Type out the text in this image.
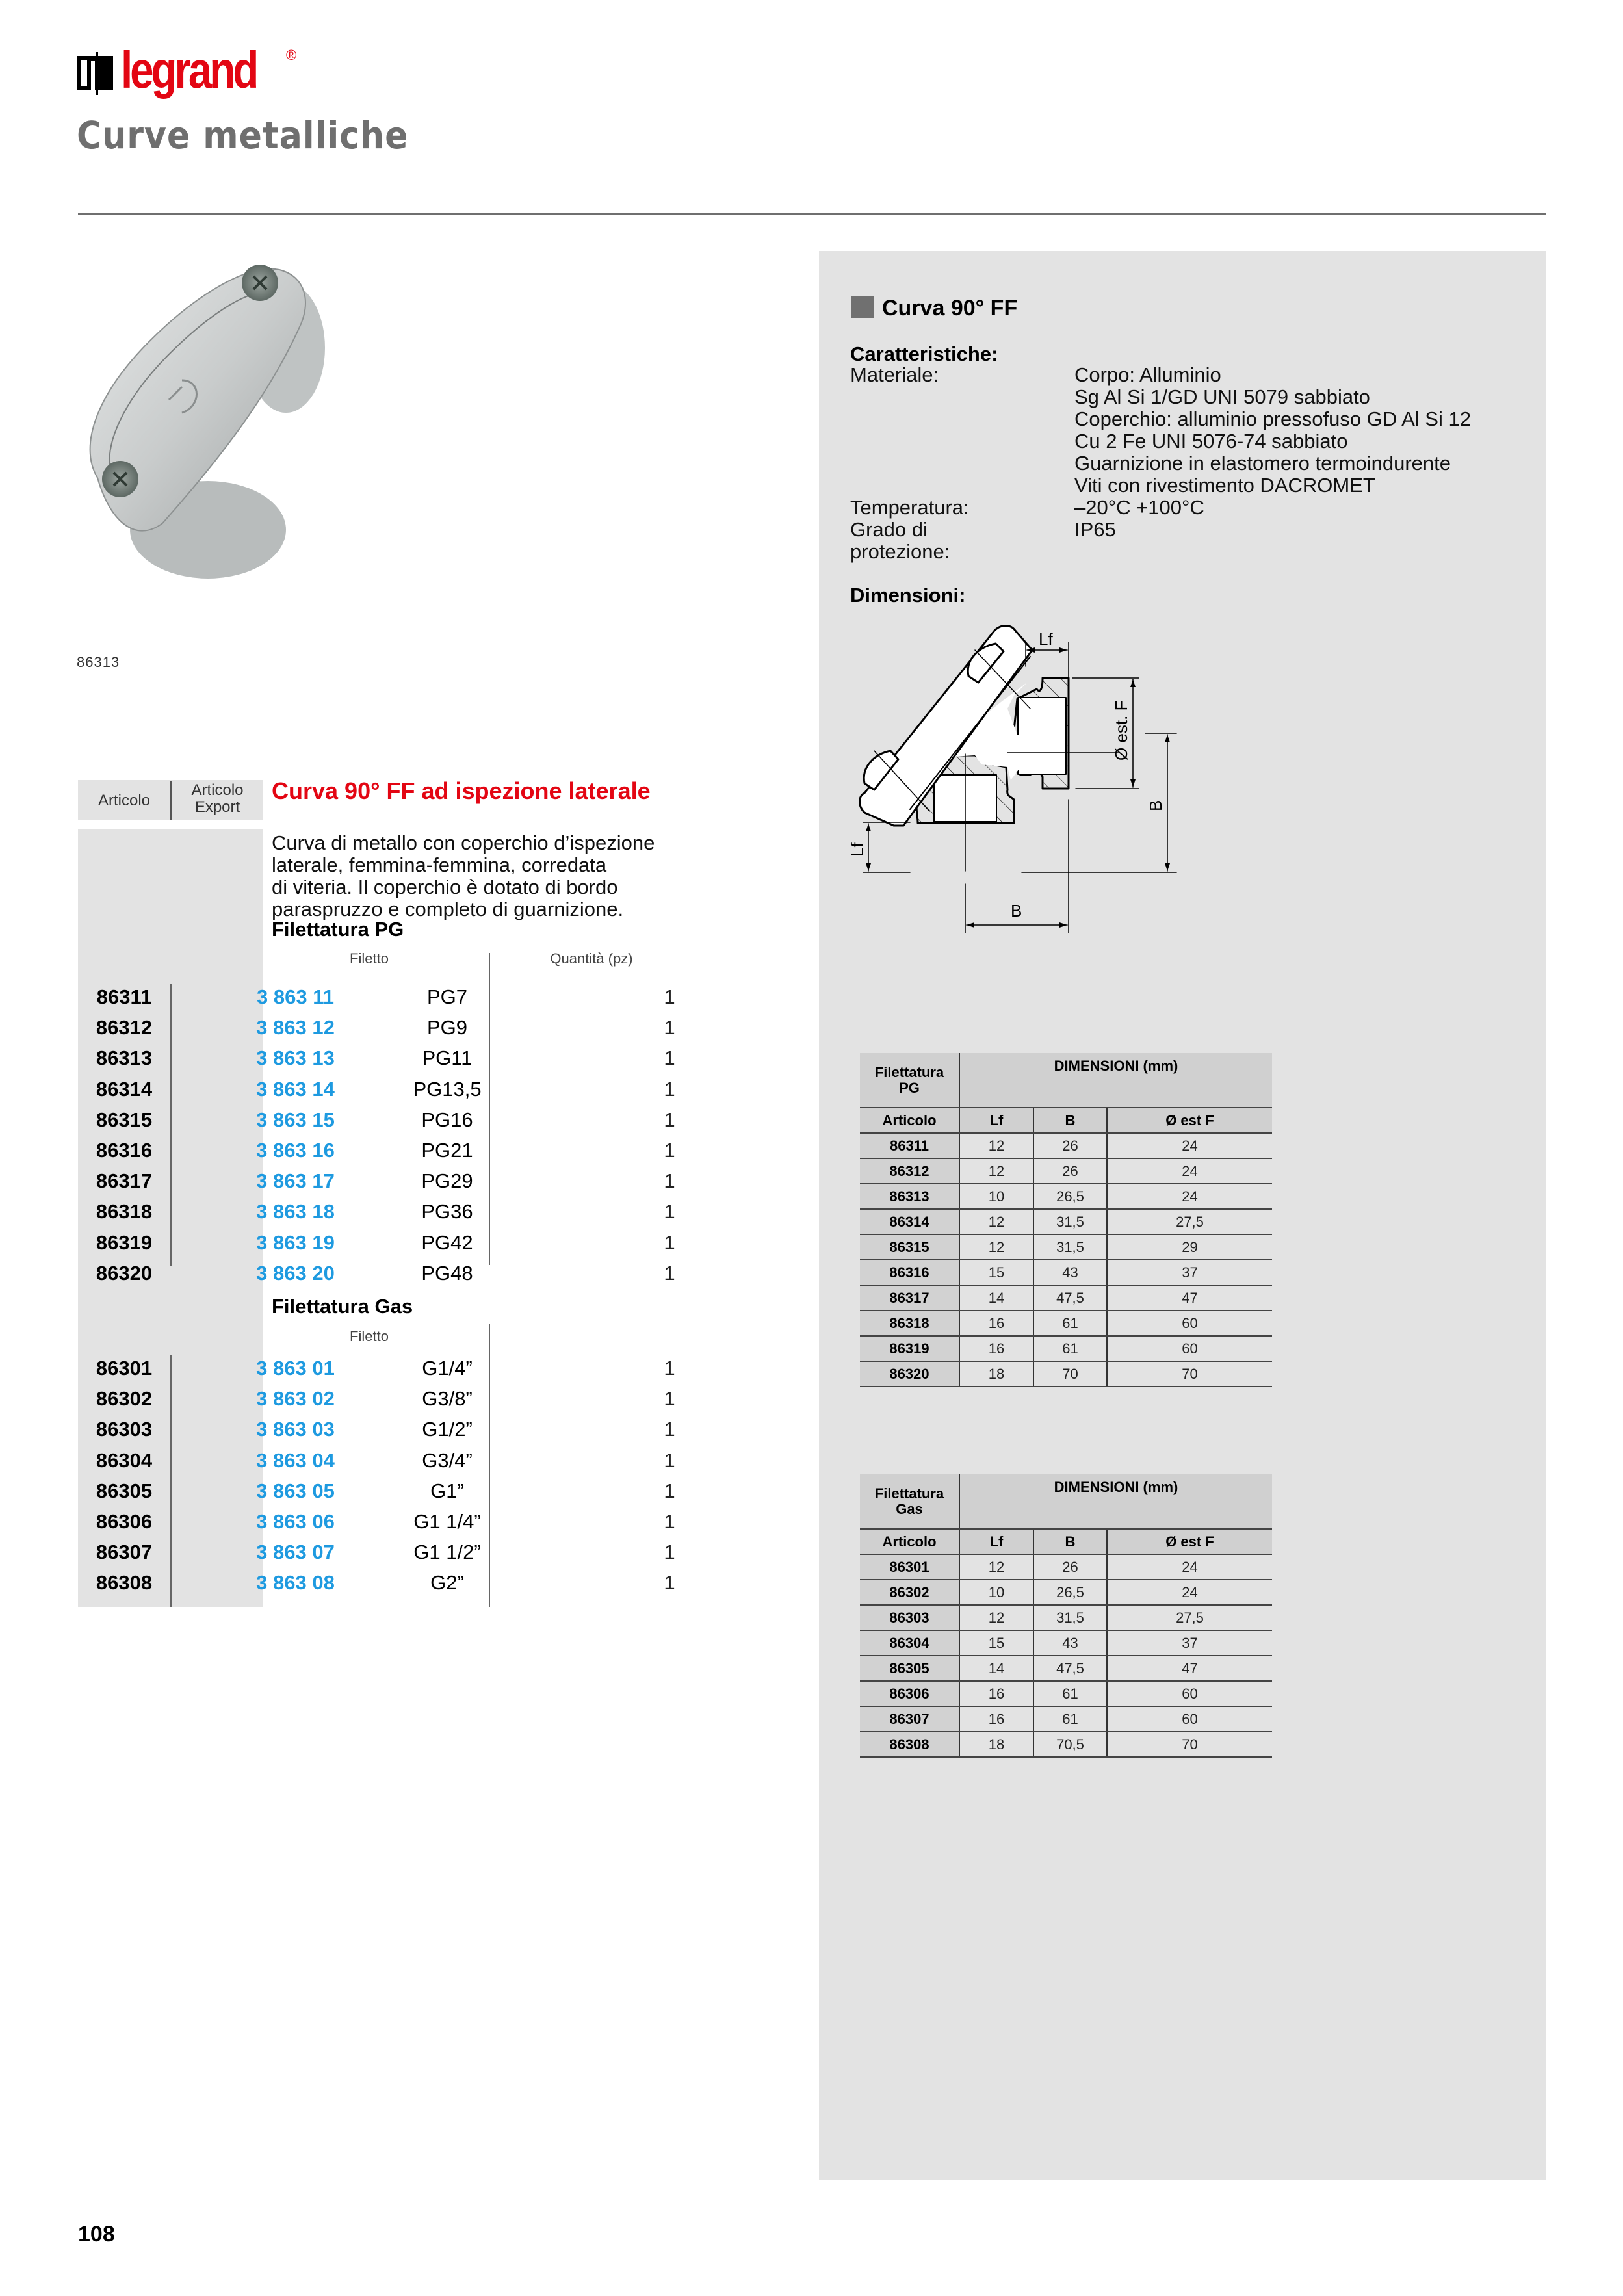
legrand ®
Curve metalliche
86313
Articolo
Articolo
Export
Curva 90° FF ad ispezione laterale
Curva di metallo con coperchio d’ispezione
laterale, femmina-femmina, corredata
di viteria. Il coperchio è dotato di bordo
paraspruzzo e completo di guarnizione.
Filettatura PG
Filetto	Quantità (pz)
86311	3 863 11	PG7	1
86312	3 863 12	PG9	1
86313	3 863 13	PG11	1
86314	3 863 14	PG13,5	1
86315	3 863 15	PG16	1
86316	3 863 16	PG21	1
86317	3 863 17	PG29	1
86318	3 863 18	PG36	1
86319	3 863 19	PG42	1
86320	3 863 20	PG48	1
Filettatura Gas
Filetto
86301	3 863 01	G1/4”	1
86302	3 863 02	G3/8”	1
86303	3 863 03	G1/2”	1
86304	3 863 04	G3/4”	1
86305	3 863 05	G1”	1
86306	3 863 06	G1 1/4”	1
86307	3 863 07	G1 1/2”	1
86308	3 863 08	G2”	1
Curva 90° FF
Caratteristiche:
Materiale:	Corpo: Alluminio
Sg Al Si 1/GD UNI 5079 sabbiato
Coperchio: alluminio pressofuso GD Al Si 12
Cu 2 Fe UNI 5076-74 sabbiato
Guarnizione in elastomero termoindurente
Viti con rivestimento DACROMET
Temperatura:	–20°C +100°C
Grado di protezione:
IP65
Dimensioni:
Lf
Lf
B
Ø est. F
B
Filettatura
PG	DIMENSIONI (mm)		
Articolo	Lf	B	Ø est F
86311	12	26	24
86312	12	26	24
86313	10	26,5	24
86314	12	31,5	27,5
86315	12	31,5	29
86316	15	43	37
86317	14	47,5	47
86318	16	61	60
86319	16	61	60
86320	18	70	70
Filettatura
Gas	DIMENSIONI (mm)		
Articolo	Lf	B	Ø est F
86301	12	26	24
86302	10	26,5	24
86303	12	31,5	27,5
86304	15	43	37
86305	14	47,5	47
86306	16	61	60
86307	16	61	60
86308	18	70,5	70
108
